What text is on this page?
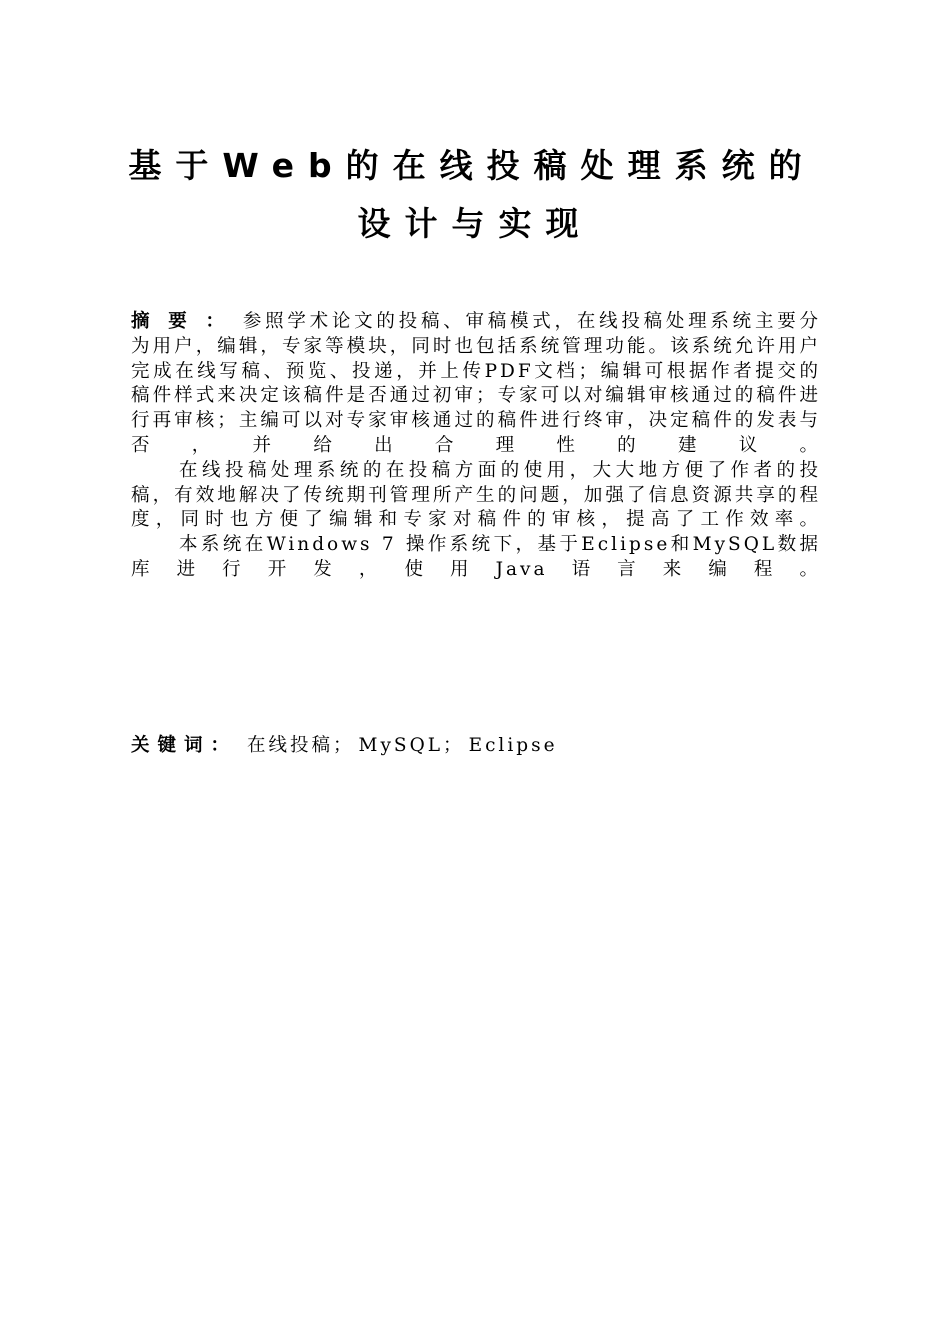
基于Web的在线投稿处理系统的
设计与实现

摘要：参照学术论文的投稿、审稿模式，在线投稿处理系统主要分为用户，编辑，专家等模块，同时也包括系统管理功能。该系统允许用户完成在线写稿、预览、投递，并上传PDF文档；编辑可根据作者提交的稿件样式来决定该稿件是否通过初审；专家可以对编辑审核通过的稿件进行再审核；主编可以对专家审核通过的稿件进行终审，决定稿件的发表与否，并给出合理性的建议。

在线投稿处理系统的在投稿方面的使用，大大地方便了作者的投稿，有效地解决了传统期刊管理所产生的问题，加强了信息资源共享的程度，同时也方便了编辑和专家对稿件的审核，提高了工作效率。

本系统在Windows 7 操作系统下，基于Eclipse和MySQL数据库进行开发，使用Java语言来编程。

关键词： 在线投稿； MySQL； Eclipse
